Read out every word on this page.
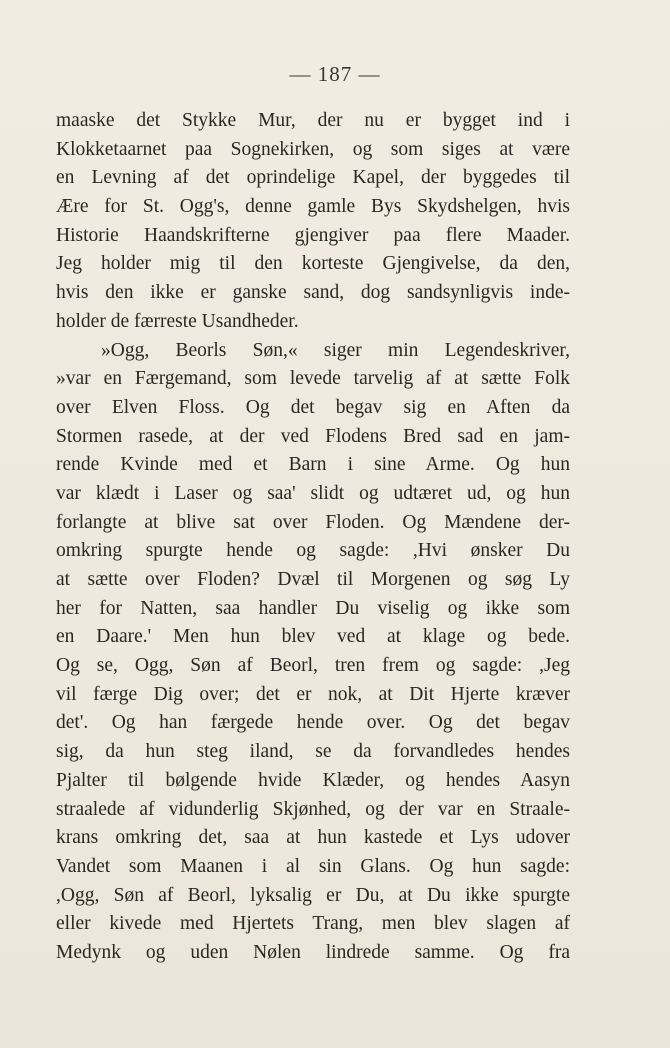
— 187 —
maaske det Stykke Mur, der nu er bygget ind i
Klokketaarnet paa Sognekirken, og som siges at være
en Levning af det oprindelige Kapel, der byggedes til
Ære for St. Ogg's, denne gamle Bys Skydshelgen, hvis
Historie Haandskrifterne gjengiver paa flere Maader.
Jeg holder mig til den korteste Gjengivelse, da den,
hvis den ikke er ganske sand, dog sandsynligvis inde-
holder de færreste Usandheder.
»Ogg, Beorls Søn,« siger min Legendeskriver,
»var en Færgemand, som levede tarvelig af at sætte Folk
over Elven Floss. Og det begav sig en Aften da
Stormen rasede, at der ved Flodens Bred sad en jam-
rende Kvinde med et Barn i sine Arme. Og hun
var klædt i Laser og saa' slidt og udtæret ud, og hun
forlangte at blive sat over Floden. Og Mændene der-
omkring spurgte hende og sagde: ,Hvi ønsker Du
at sætte over Floden? Dvæl til Morgenen og søg Ly
her for Natten, saa handler Du viselig og ikke som
en Daare.' Men hun blev ved at klage og bede.
Og se, Ogg, Søn af Beorl, tren frem og sagde: ,Jeg
vil færge Dig over; det er nok, at Dit Hjerte kræver
det'. Og han færgede hende over. Og det begav
sig, da hun steg iland, se da forvandledes hendes
Pjalter til bølgende hvide Klæder, og hendes Aasyn
straalede af vidunderlig Skjønhed, og der var en Straale-
krans omkring det, saa at hun kastede et Lys udover
Vandet som Maanen i al sin Glans. Og hun sagde:
,Ogg, Søn af Beorl, lyksalig er Du, at Du ikke spurgte
eller kivede med Hjertets Trang, men blev slagen af
Medynk og uden Nølen lindrede samme. Og fra
